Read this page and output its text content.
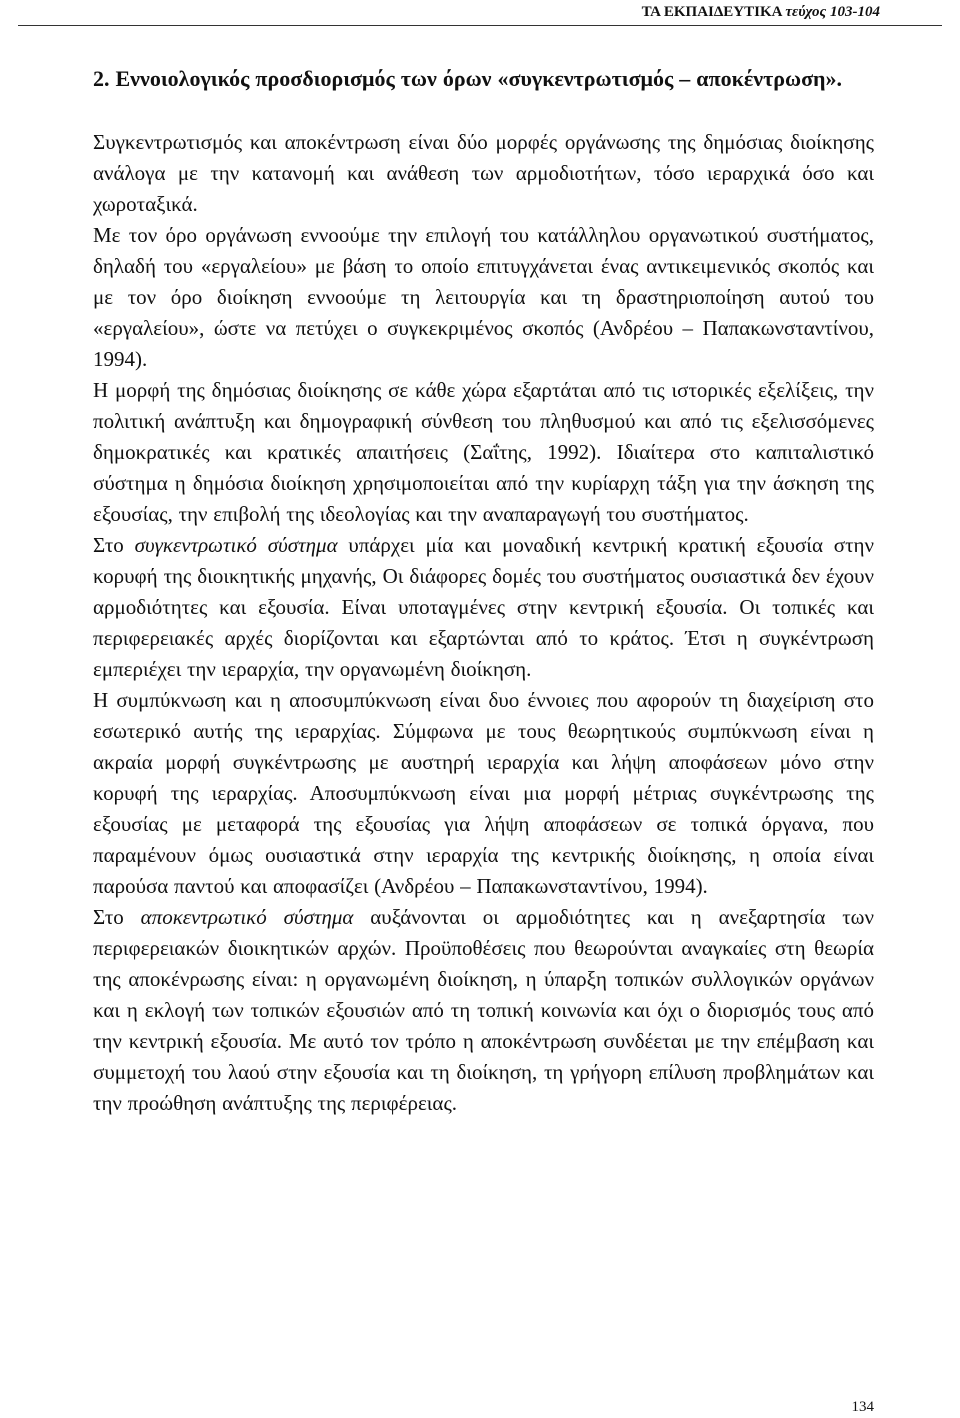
ΤΑ ΕΚΠΑΙΔΕΥΤΙΚΑ τεύχος 103-104

2. Εννοιολογικός προσδιορισμός των όρων «συγκεντρωτισμός – αποκέντρωση».

Συγκεντρωτισμός και αποκέντρωση είναι δύο μορφές οργάνωσης της δημόσιας διοίκησης ανάλογα με την κατανομή και ανάθεση των αρμοδιοτήτων, τόσο ιεραρχικά όσο και χωροταξικά.

Με τον όρο οργάνωση εννοούμε την επιλογή του κατάλληλου οργανωτικού συστήματος, δηλαδή του «εργαλείου» με βάση το οποίο επιτυγχάνεται ένας αντικειμενικός σκοπός και με τον όρο διοίκηση εννοούμε τη λειτουργία και τη δραστηριοποίηση αυτού του «εργαλείου», ώστε να πετύχει ο συγκεκριμένος σκοπός (Ανδρέου – Παπακωνσταντίνου, 1994).

Η μορφή της δημόσιας διοίκησης σε κάθε χώρα εξαρτάται από τις ιστορικές εξελίξεις, την πολιτική ανάπτυξη και δημογραφική σύνθεση του πληθυσμού και από τις εξελισσόμενες δημοκρατικές και κρατικές απαιτήσεις (Σαΐτης, 1992). Ιδιαίτερα στο καπιταλιστικό σύστημα η δημόσια διοίκηση χρησιμοποιείται από την κυρίαρχη τάξη για την άσκηση της εξουσίας, την επιβολή της ιδεολογίας και την αναπαραγωγή του συστήματος.

Στο συγκεντρωτικό σύστημα υπάρχει μία και μοναδική κεντρική κρατική εξουσία στην κορυφή της διοικητικής μηχανής, Οι διάφορες δομές του συστήματος ουσιαστικά δεν έχουν αρμοδιότητες και εξουσία. Είναι υποταγμένες στην κεντρική εξουσία. Οι τοπικές και περιφερειακές αρχές διορίζονται και εξαρτώνται από το κράτος. Έτσι η συγκέντρωση εμπεριέχει την ιεραρχία, την οργανωμένη διοίκηση.

Η συμπύκνωση και η αποσυμπύκνωση είναι δυο έννοιες που αφορούν τη διαχείριση στο εσωτερικό αυτής της ιεραρχίας. Σύμφωνα με τους θεωρητικούς συμπύκνωση είναι η ακραία μορφή συγκέντρωσης με αυστηρή ιεραρχία και λήψη αποφάσεων μόνο στην κορυφή της ιεραρχίας. Αποσυμπύκνωση είναι μια μορφή μέτριας συγκέντρωσης της εξουσίας με μεταφορά της εξουσίας για λήψη αποφάσεων σε τοπικά όργανα, που παραμένουν όμως ουσιαστικά στην ιεραρχία της κεντρικής διοίκησης, η οποία είναι παρούσα παντού και αποφασίζει (Ανδρέου – Παπακωνσταντίνου, 1994).

Στο αποκεντρωτικό σύστημα αυξάνονται οι αρμοδιότητες και η ανεξαρτησία των περιφερειακών διοικητικών αρχών. Προϋποθέσεις που θεωρούνται αναγκαίες στη θεωρία της αποκένρωσης είναι: η οργανωμένη διοίκηση, η ύπαρξη τοπικών συλλογικών οργάνων και η εκλογή των τοπικών εξουσιών από τη τοπική κοινωνία και όχι ο διορισμός τους από την κεντρική εξουσία. Με αυτό τον τρόπο η αποκέντρωση συνδέεται με την επέμβαση και συμμετοχή του λαού στην εξουσία και τη διοίκηση, τη γρήγορη επίλυση προβλημάτων και την προώθηση ανάπτυξης της περιφέρειας.

134
